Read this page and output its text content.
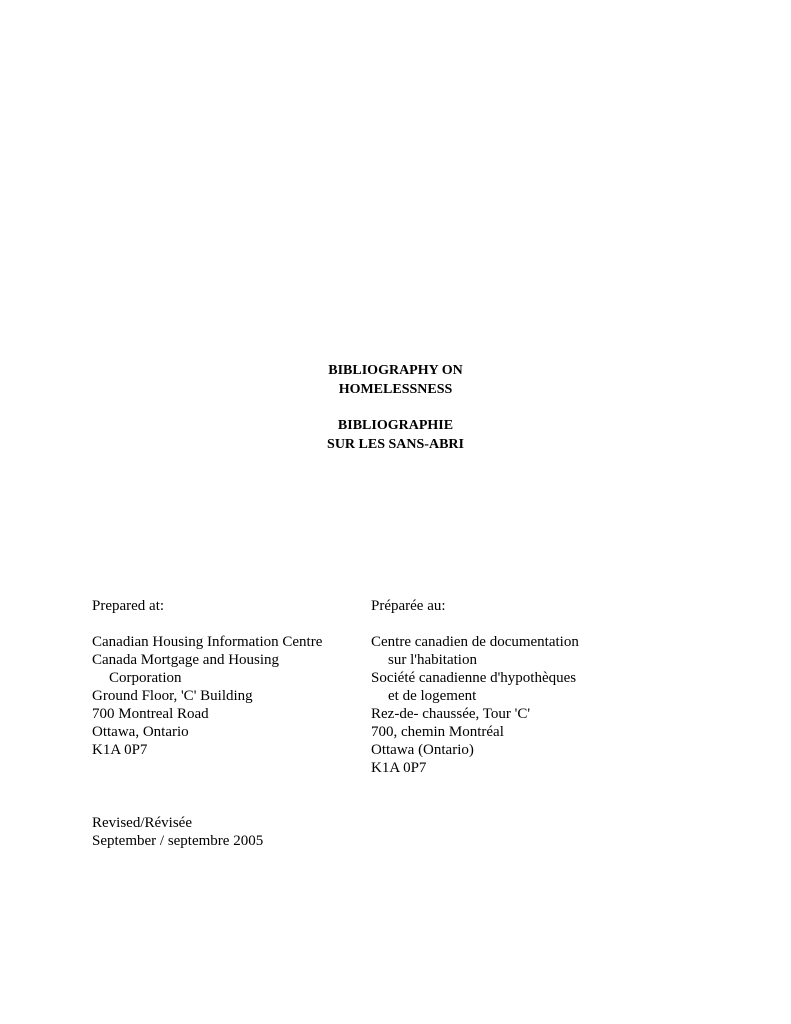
BIBLIOGRAPHY ON
HOMELESSNESS
BIBLIOGRAPHIE
SUR LES SANS-ABRI
Prepared at:
Canadian Housing Information Centre
Canada Mortgage and Housing
Corporation
Ground Floor, 'C' Building
700 Montreal Road
Ottawa, Ontario
K1A 0P7
Préparée au:
Centre canadien de documentation
sur l'habitation
Société canadienne d'hypothèques
et de logement
Rez-de- chaussée, Tour 'C'
700, chemin Montréal
Ottawa (Ontario)
K1A 0P7
Revised/Révisée
September / septembre 2005
